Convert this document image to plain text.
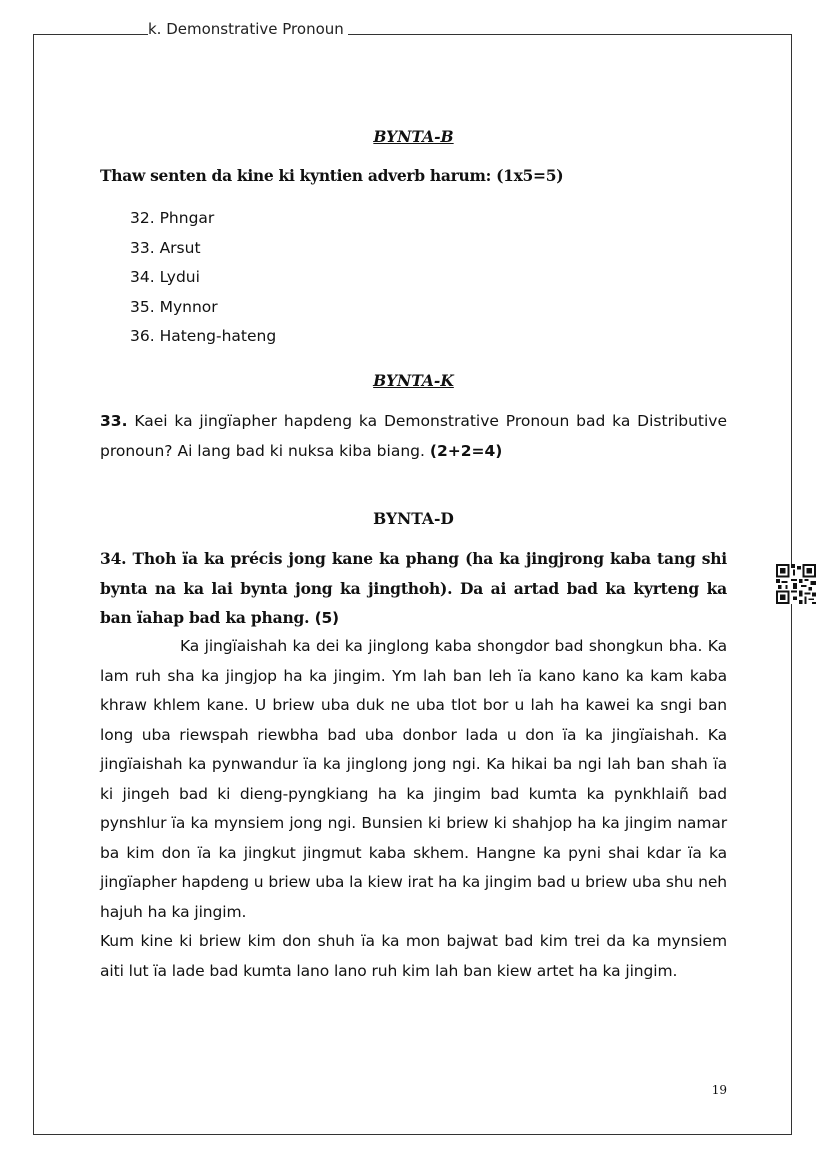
k. Demonstrative Pronoun
BYNTA-B
Thaw senten da kine ki kyntien adverb harum: (1x5=5)
32. Phngar
33. Arsut
34. Lydui
35. Mynnor
36. Hateng-hateng
BYNTA-K
33. Kaei ka jingïapher hapdeng ka Demonstrative Pronoun bad ka Distributive pronoun? Ai lang bad ki nuksa kiba biang. (2+2=4)
BYNTA-D
34. Thoh ïa ka précis jong kane ka phang (ha ka jingjrong kaba tang shi bynta na ka lai bynta jong ka jingthoh). Da ai artad bad ka kyrteng ka ban ïahap bad ka phang. (5)

Ka jingïaishah ka dei ka jinglong kaba shongdor bad shongkun bha. Ka lam ruh sha ka jingjop ha ka jingim. Ym lah ban leh ïa kano kano ka kam kaba khraw khlem kane. U briew uba duk ne uba tlot bor u lah ha kawei ka sngi ban long uba riewspah riewbha bad uba donbor lada u don ïa ka jingïaishah. Ka jingïaishah ka pynwandur ïa ka jinglong jong ngi. Ka hikai ba ngi lah ban shah ïa ki jingeh bad ki dieng-pyngkiang ha ka jingim bad kumta ka pynkhlaiñ bad pynshlur ïa ka mynsiem jong ngi. Bunsien ki briew ki shahjop ha ka jingim namar ba kim don ïa ka jingkut jingmut kaba skhem. Hangne ka pyni shai kdar ïa ka jingïapher hapdeng u briew uba la kiew irat ha ka jingim bad u briew uba shu neh hajuh ha ka jingim.

Kum kine ki briew kim don shuh ïa ka mon bajwat bad kim trei da ka mynsiem aiti lut ïa lade bad kumta lano lano ruh kim lah ban kiew artet ha ka jingim.

19
